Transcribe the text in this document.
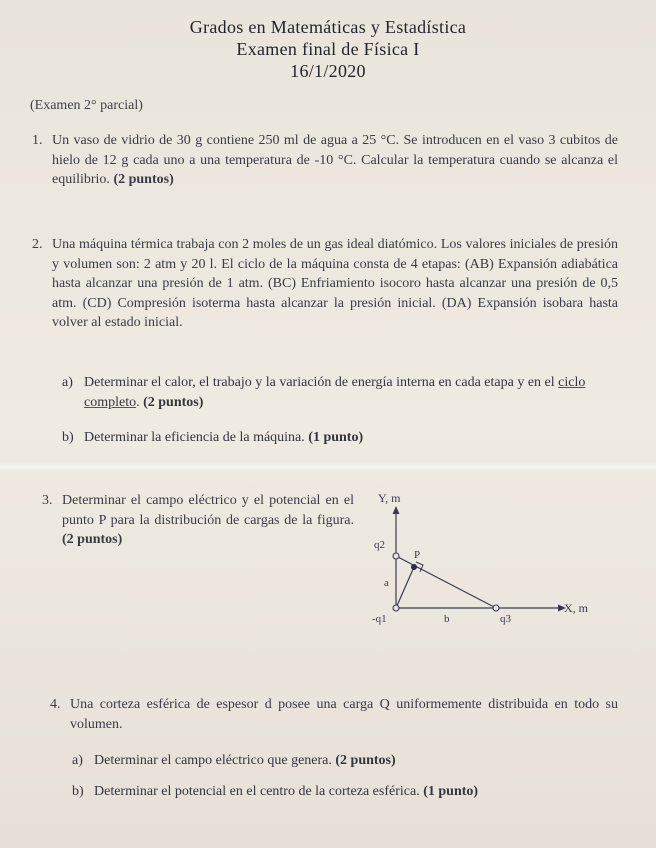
Grados en Matemáticas y Estadística
Examen final de Física I
16/1/2020
(Examen 2° parcial)
1. Un vaso de vidrio de 30 g contiene 250 ml de agua a 25 °C. Se introducen en el vaso 3 cubitos de hielo de 12 g cada uno a una temperatura de -10 °C. Calcular la temperatura cuando se alcanza el equilibrio. (2 puntos)
2. Una máquina térmica trabaja con 2 moles de un gas ideal diatómico. Los valores iniciales de presión y volumen son: 2 atm y 20 l. El ciclo de la máquina consta de 4 etapas: (AB) Expansión adiabática hasta alcanzar una presión de 1 atm. (BC) Enfriamiento isocoro hasta alcanzar una presión de 0,5 atm. (CD) Compresión isoterma hasta alcanzar la presión inicial. (DA) Expansión isobara hasta volver al estado inicial.
a) Determinar el calor, el trabajo y la variación de energía interna en cada etapa y en el ciclo completo. (2 puntos)
b) Determinar la eficiencia de la máquina. (1 punto)
3. Determinar el campo eléctrico y el potencial en el punto P para la distribución de cargas de la figura. (2 puntos)
Y, m
X, m
q2
P
a
-q1	b	q3
4. Una corteza esférica de espesor d posee una carga Q uniformemente distribuida en todo su volumen.
a) Determinar el campo eléctrico que genera. (2 puntos)
b) Determinar el potencial en el centro de la corteza esférica. (1 punto)
